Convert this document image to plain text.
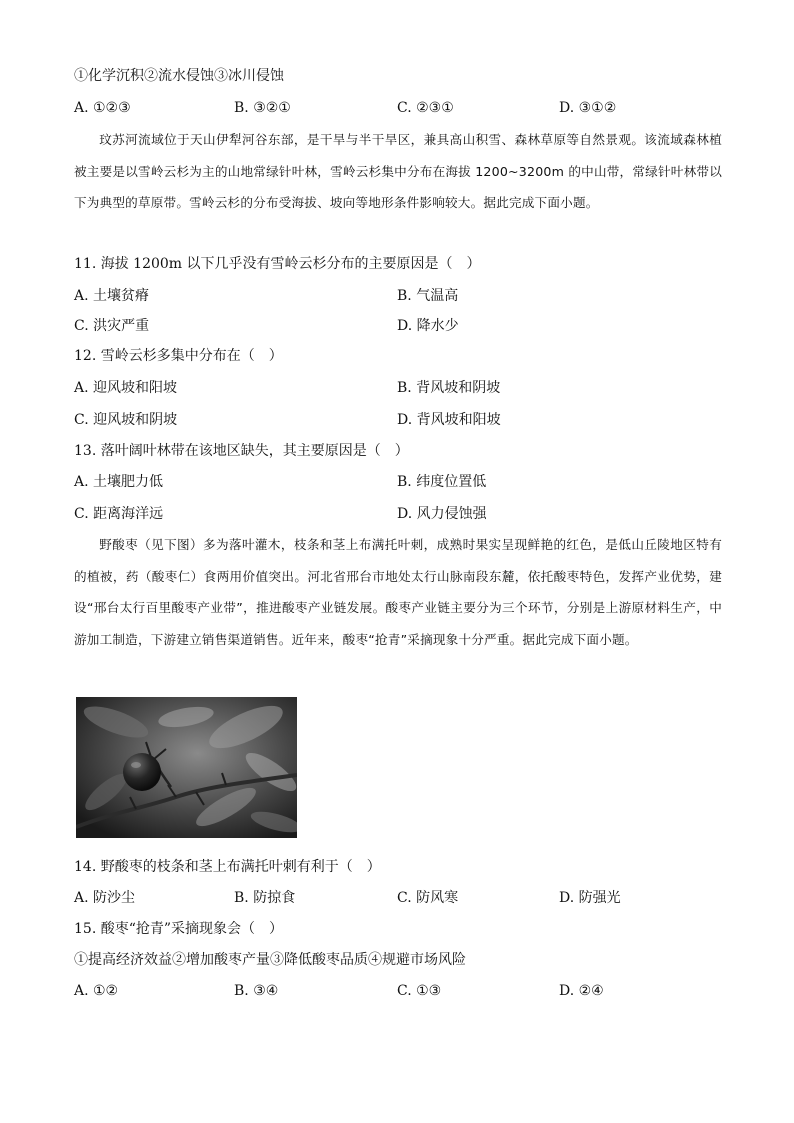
①化学沉积②流水侵蚀③冰川侵蚀
A. ①②③	B. ③②①	C. ②③①	D. ③①②
玟苏河流域位于天山伊犁河谷东部，是干旱与半干旱区，兼具高山积雪、森林草原等自然景观。该流域森林植被主要是以雪岭云杉为主的山地常绿针叶林，雪岭云杉集中分布在海拔 1200~3200m 的中山带，常绿针叶林带以下为典型的草原带。雪岭云杉的分布受海拔、坡向等地形条件影响较大。据此完成下面小题。
11. 海拔 1200m 以下几乎没有雪岭云杉分布的主要原因是（　）
A. 土壤贫瘠	B. 气温高
C. 洪灾严重	D. 降水少
12. 雪岭云杉多集中分布在（　）
A. 迎风坡和阳坡	B. 背风坡和阴坡
C. 迎风坡和阴坡	D. 背风坡和阳坡
13. 落叶阔叶林带在该地区缺失，其主要原因是（　）
A. 土壤肥力低	B. 纬度位置低
C. 距离海洋远	D. 风力侵蚀强
野酸枣（见下图）多为落叶灌木，枝条和茎上布满托叶刺，成熟时果实呈现鲜艳的红色，是低山丘陵地区特有的植被，药（酸枣仁）食两用价值突出。河北省邢台市地处太行山脉南段东麓，依托酸枣特色，发挥产业优势，建设“邢台太行百里酸枣产业带”，推进酸枣产业链发展。酸枣产业链主要分为三个环节，分别是上游原材料生产，中游加工制造，下游建立销售渠道销售。近年来，酸枣“抢青”采摘现象十分严重。据此完成下面小题。
14. 野酸枣的枝条和茎上布满托叶刺有利于（　）
A. 防沙尘	B. 防掠食	C. 防风寒	D. 防强光
15. 酸枣“抢青”采摘现象会（　）
①提高经济效益②增加酸枣产量③降低酸枣品质④规避市场风险
A. ①②	B. ③④	C. ①③	D. ②④
